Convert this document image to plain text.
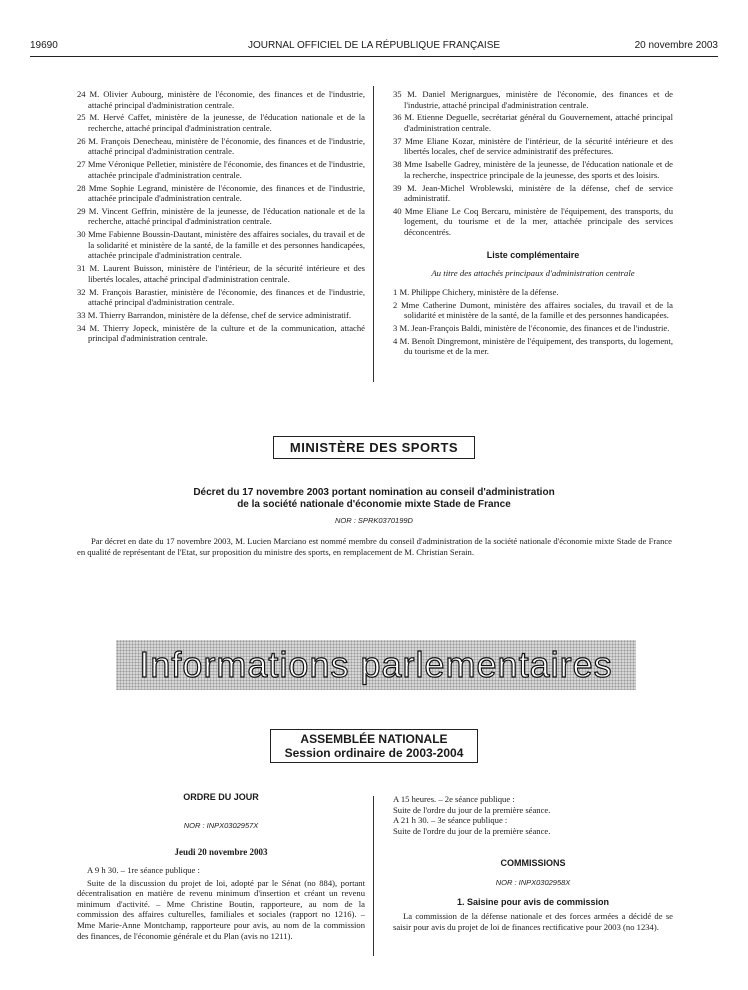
19690	JOURNAL OFFICIEL DE LA RÉPUBLIQUE FRANÇAISE	20 novembre 2003

24 M. Olivier Aubourg, ministère de l'économie, des finances et de l'industrie, attaché principal d'administration centrale.

25 M. Hervé Caffet, ministère de la jeunesse, de l'éducation nationale et de la recherche, attaché principal d'administration centrale.

26 M. François Denecheau, ministère de l'économie, des finances et de l'industrie, attaché principal d'administration centrale.

27 Mme Véronique Pelletier, ministère de l'économie, des finances et de l'industrie, attachée principale d'administration centrale.

28 Mme Sophie Legrand, ministère de l'économie, des finances et de l'industrie, attachée principale d'administration centrale.

29 M. Vincent Geffrin, ministère de la jeunesse, de l'éducation nationale et de la recherche, attaché principal d'administration centrale.

30 Mme Fabienne Boussin-Dautant, ministère des affaires sociales, du travail et de la solidarité et ministère de la santé, de la famille et des personnes handicapées, attachée principale d'administration centrale.

31 M. Laurent Buisson, ministère de l'intérieur, de la sécurité intérieure et des libertés locales, attaché principal d'administration centrale.

32 M. François Barastier, ministère de l'économie, des finances et de l'industrie, attaché principal d'administration centrale.

33 M. Thierry Barrandon, ministère de la défense, chef de service administratif.

34 M. Thierry Jopeck, ministère de la culture et de la communication, attaché principal d'administration centrale.

35 M. Daniel Merignargues, ministère de l'économie, des finances et de l'industrie, attaché principal d'administration centrale.

36 M. Etienne Deguelle, secrétariat général du Gouvernement, attaché principal d'administration centrale.

37 Mme Eliane Kozar, ministère de l'intérieur, de la sécurité intérieure et des libertés locales, chef de service administratif des préfectures.

38 Mme Isabelle Gadrey, ministère de la jeunesse, de l'éducation nationale et de la recherche, inspectrice principale de la jeunesse, des sports et des loisirs.

39 M. Jean-Michel Wroblewski, ministère de la défense, chef de service administratif.

40 Mme Eliane Le Coq Bercaru, ministère de l'équipement, des transports, du logement, du tourisme et de la mer, attachée principale des services déconcentrés.

Liste complémentaire
Au titre des attachés principaux d'administration centrale

1 M. Philippe Chichery, ministère de la défense.

2 Mme Catherine Dumont, ministère des affaires sociales, du travail et de la solidarité et ministère de la santé, de la famille et des personnes handicapées.

3 M. Jean-François Baldi, ministère de l'économie, des finances et de l'industrie.

4 M. Benoît Dingremont, ministère de l'équipement, des transports, du logement, du tourisme et de la mer.

MINISTÈRE DES SPORTS
Décret du 17 novembre 2003 portant nomination au conseil d'administration
de la société nationale d'économie mixte Stade de France
NOR : SPRK0370199D
Par décret en date du 17 novembre 2003, M. Lucien Marciano est nommé membre du conseil d'administration de la société nationale d'économie mixte Stade de France en qualité de représentant de l'Etat, sur proposition du ministre des sports, en remplacement de M. Christian Serain.
Informations parlementaires
ASSEMBLÉE NATIONALE
Session ordinaire de 2003-2004
ORDRE DU JOUR
NOR : INPX0302957X
Jeudi 20 novembre 2003
A 9 h 30. – 1re séance publique :
Suite de la discussion du projet de loi, adopté par le Sénat (no 884), portant décentralisation en matière de revenu minimum d'insertion et créant un revenu minimum d'activité. – Mme Christine Boutin, rapporteure, au nom de la commission des affaires culturelles, familiales et sociales (rapport no 1216). – Mme Marie-Anne Montchamp, rapporteure pour avis, au nom de la commission des finances, de l'économie générale et du Plan (avis no 1211).
A 15 heures. – 2e séance publique :
Suite de l'ordre du jour de la première séance.
A 21 h 30. – 3e séance publique :
Suite de l'ordre du jour de la première séance.
COMMISSIONS
NOR : INPX0302958X
1. Saisine pour avis de commission
La commission de la défense nationale et des forces armées a décidé de se saisir pour avis du projet de loi de finances rectificative pour 2003 (no 1234).
